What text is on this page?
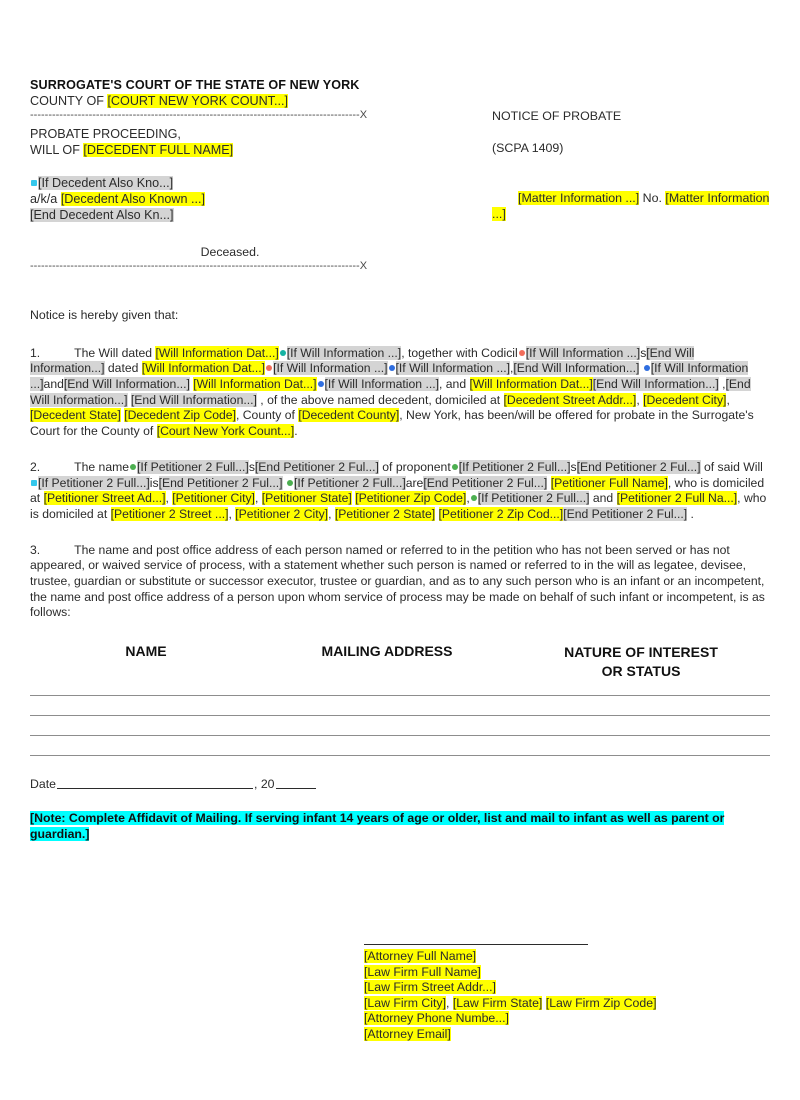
SURROGATE'S COURT OF THE STATE OF NEW YORK
COUNTY OF [COURT NEW YORK COUNT...]
------------------------------------------------------------------------------------------X
PROBATE PROCEEDING,
WILL OF [DECEDENT FULL NAME]
[If Decedent Also Kno...]
a/k/a [Decedent Also Known ...]
[End Decedent Also Kn...]
Deceased.
------------------------------------------------------------------------------------------X
NOTICE OF PROBATE
(SCPA 1409)
[Matter Information ...] No. [Matter Information ...]
Notice is hereby given that:
1.	The Will dated [Will Information Dat...] [If Will Information ...], together with Codicil [If Will Information ...]s[End Will Information...] dated [Will Information Dat...] [If Will Information ...] [If Will Information ...],[End Will Information...] [If Will Information ...]and[End Will Information...] [Will Information Dat...] [If Will Information ...], and [Will Information Dat...][End Will Information...] ,[End Will Information...] [End Will Information...] , of the above named decedent, domiciled at [Decedent Street Addr...], [Decedent City], [Decedent State] [Decedent Zip Code], County of [Decedent County], New York, has been/will be offered for probate in the Surrogate's Court for the County of [Court New York Count...].
2.	The name [If Petitioner 2 Full...]s[End Petitioner 2 Ful...] of proponent [If Petitioner 2 Full...]s[End Petitioner 2 Ful...] of said Will [If Petitioner 2 Full...]is[End Petitioner 2 Ful...] [If Petitioner 2 Full...]are[End Petitioner 2 Ful...] [Petitioner Full Name], who is domiciled at [Petitioner Street Ad...], [Petitioner City], [Petitioner State] [Petitioner Zip Code], [If Petitioner 2 Full...] and [Petitioner 2 Full Na...], who is domiciled at [Petitioner 2 Street ...], [Petitioner 2 City], [Petitioner 2 State] [Petitioner 2 Zip Cod...][End Petitioner 2 Ful...] .
3.	The name and post office address of each person named or referred to in the petition who has not been served or has not appeared, or waived service of process, with a statement whether such person is named or referred to in the will as legatee, devisee, trustee, guardian or substitute or successor executor, trustee or guardian, and as to any such person who is an infant or an incompetent, the name and post office address of a person upon whom service of process may be made on behalf of such infant or incompetent, is as follows:
NAME	MAILING ADDRESS	NATURE OF INTEREST
OR STATUS
Date	, 20
[Note: Complete Affidavit of Mailing. If serving infant 14 years of age or older, list and mail to infant as well as parent or guardian.]
[Attorney Full Name]
[Law Firm Full Name]
[Law Firm Street Addr...]
[Law Firm City], [Law Firm State] [Law Firm Zip Code]
[Attorney Phone Numbe...]
[Attorney Email]
